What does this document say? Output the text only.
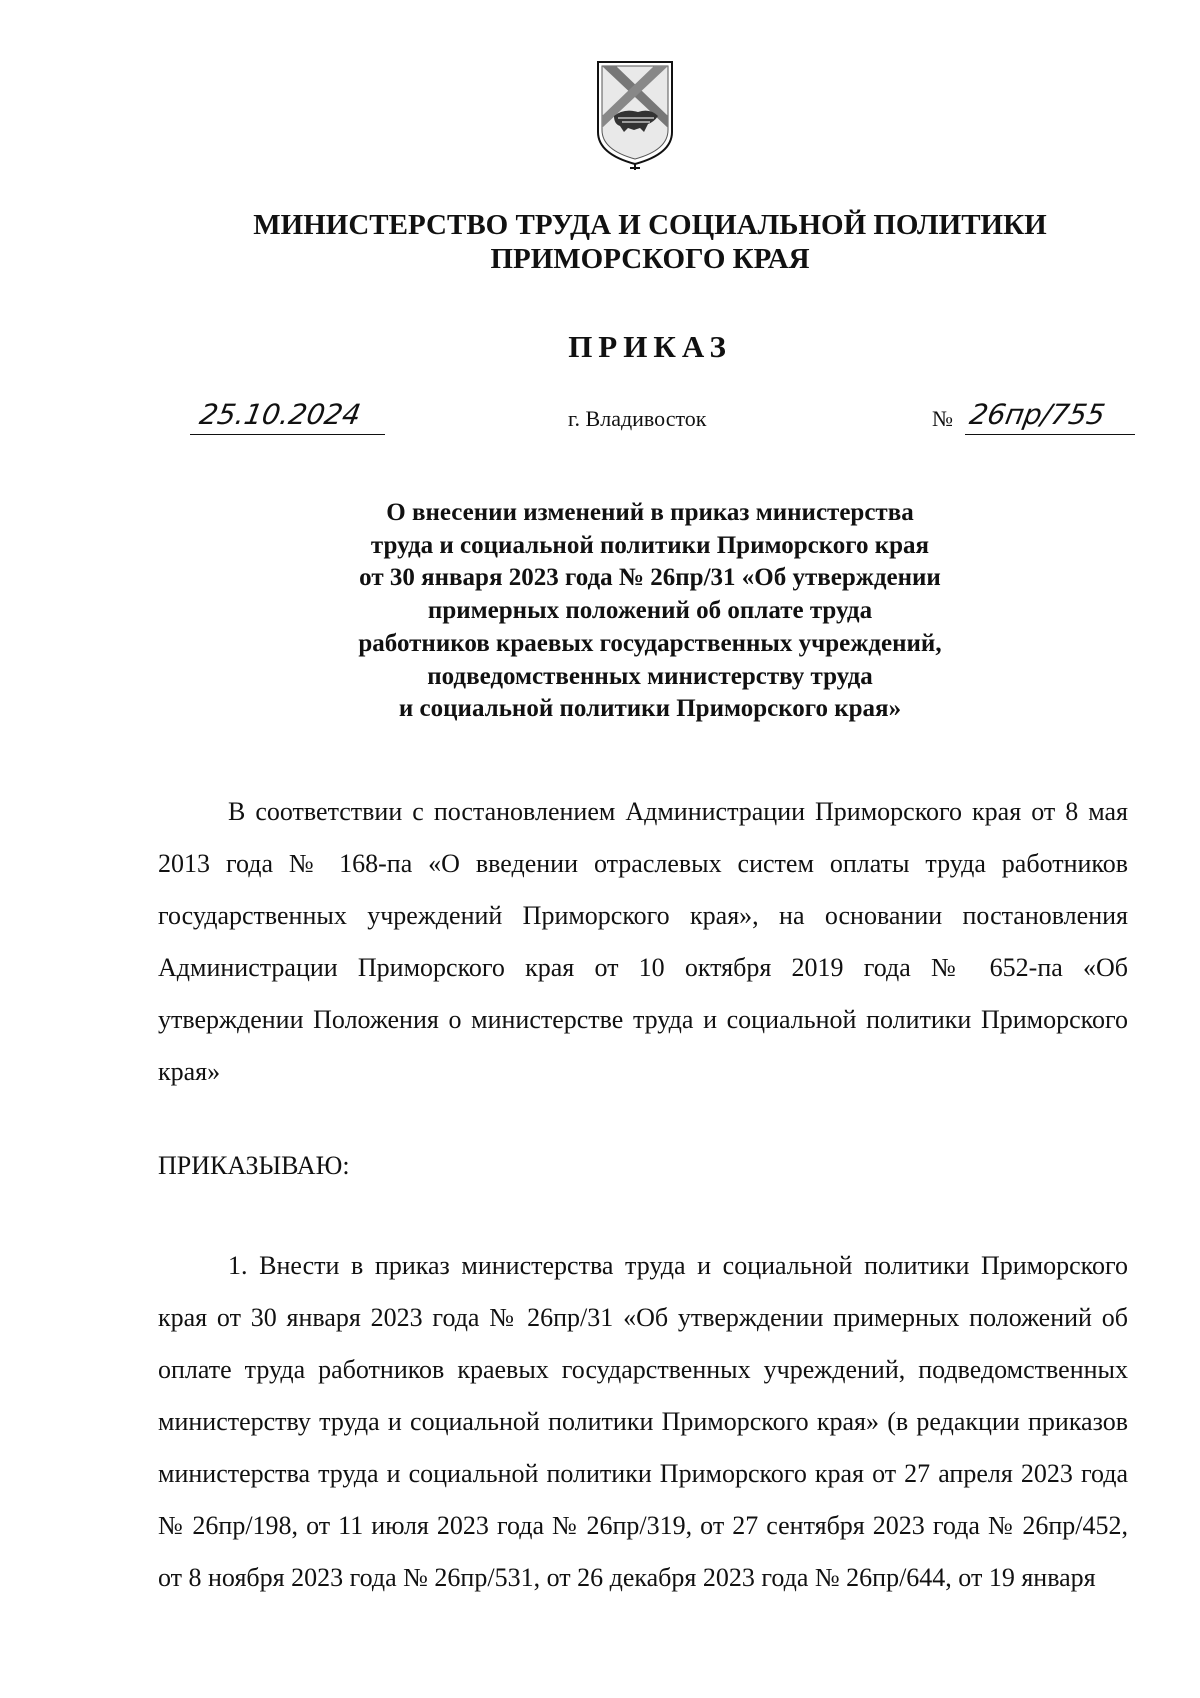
МИНИСТЕРСТВО ТРУДА И СОЦИАЛЬНОЙ ПОЛИТИКИ
ПРИМОРСКОГО КРАЯ
ПРИКАЗ
25.10.2024	г. Владивосток	№ 26пр/755
О внесении изменений в приказ министерства
труда и социальной политики Приморского края
от 30 января 2023 года № 26пр/31 «Об утверждении
примерных положений об оплате труда
работников краевых государственных учреждений,
подведомственных министерству труда
и социальной политики Приморского края»
В соответствии с постановлением Администрации Приморского края от 8 мая 2013 года № 168-па «О введении отраслевых систем оплаты труда работников государственных учреждений Приморского края», на основании постановления Администрации Приморского края от 10 октября 2019 года № 652-па «Об утверждении Положения о министерстве труда и социальной политики Приморского края»
ПРИКАЗЫВАЮ:
1. Внести в приказ министерства труда и социальной политики Приморского края от 30 января 2023 года № 26пр/31 «Об утверждении примерных положений об оплате труда работников краевых государственных учреждений, подведомственных министерству труда и социальной политики Приморского края» (в редакции приказов министерства труда и социальной политики Приморского края от 27 апреля 2023 года № 26пр/198, от 11 июля 2023 года № 26пр/319, от 27 сентября 2023 года № 26пр/452, от 8 ноября 2023 года № 26пр/531, от 26 декабря 2023 года № 26пр/644, от 19 января
